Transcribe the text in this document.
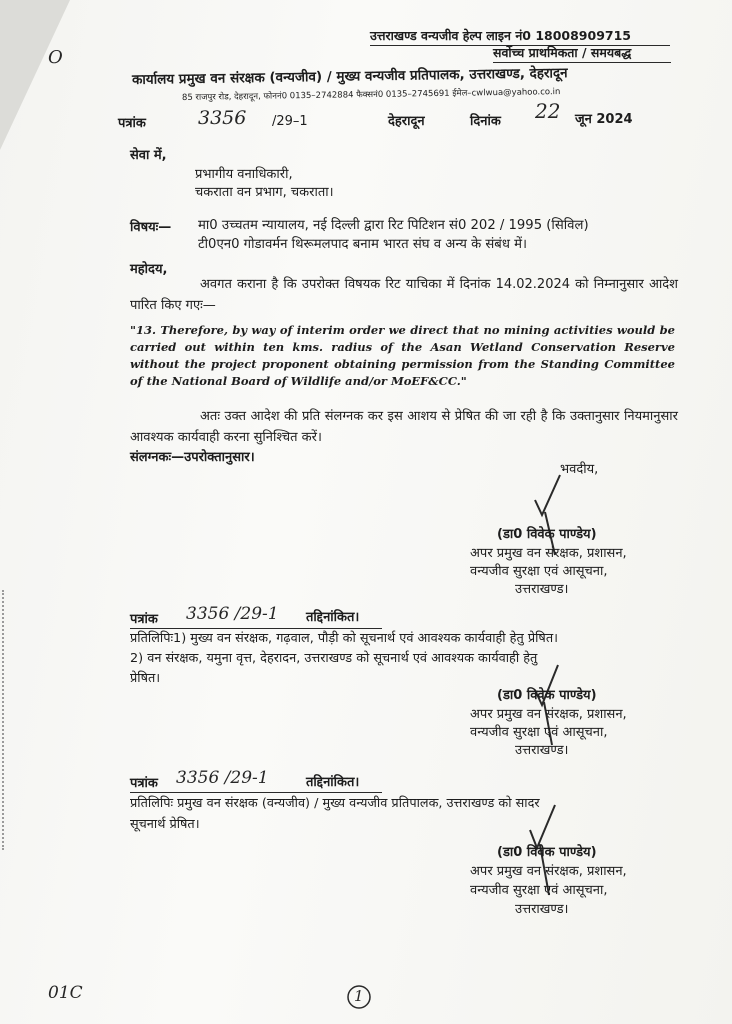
O
उत्तराखण्ड वन्यजीव हेल्प लाइन नं0 18008909715
सर्वोच्च प्राथमिकता / समयबद्ध
कार्यालय प्रमुख वन संरक्षक (वन्यजीव) / मुख्य वन्यजीव प्रतिपालक, उत्तराखण्ड, देहरादून
85 राजपुर रोड, देहरादून, फोननं0 0135–2742884 फैक्सनं0 0135–2745691 ईमेल–cwlwua@yahoo.co.in
पत्रांक	3356 /29–1	देहरादून	दिनांक 22 जून 2024
सेवा में,
प्रभागीय वनाधिकारी,
चकराता वन प्रभाग, चकराता।
विषयः— मा0 उच्चतम न्यायालय, नई दिल्ली द्वारा रिट पिटिशन सं0 202 / 1995 (सिविल)
टी0एन0 गोडावर्मन थिरूमलपाद बनाम भारत संघ व अन्य के संबंध में।
महोदय,
अवगत कराना है कि उपरोक्त विषयक रिट याचिका में दिनांक 14.02.2024 को निम्नानुसार आदेश पारित किए गएः—
"13. Therefore, by way of interim order we direct that no mining activities would be carried out within ten kms. radius of the Asan Wetland Conservation Reserve without the project proponent obtaining permission from the Standing Committee of the National Board of Wildlife and/or MoEF&CC."
अतः उक्त आदेश की प्रति संलग्नक कर इस आशय से प्रेषित की जा रही है कि उक्तानुसार नियमानुसार आवश्यक कार्यवाही करना सुनिश्चित करें।
संलग्नकः—उपरोक्तानुसार।
भवदीय,
(डा0 विवेक पाण्डेय)
अपर प्रमुख वन संरक्षक, प्रशासन,
वन्यजीव सुरक्षा एवं आसूचना,
उत्तराखण्ड।
पत्रांक 3356 /29-1 तद्दिनांकित।
प्रतिलिपिः1) मुख्य वन संरक्षक, गढ़वाल, पौड़ी को सूचनार्थ एवं आवश्यक कार्यवाही हेतु प्रेषित।
2) वन संरक्षक, यमुना वृत्त, देहरादन, उत्तराखण्ड को सूचनार्थ एवं आवश्यक कार्यवाही हेतु
प्रेषित।
(डा0 विवेक पाण्डेय)
अपर प्रमुख वन संरक्षक, प्रशासन,
वन्यजीव सुरक्षा एवं आसूचना,
उत्तराखण्ड।
पत्रांक 3356 /29-1	तद्दिनांकित।
प्रतिलिपिः प्रमुख वन संरक्षक (वन्यजीव) / मुख्य वन्यजीव प्रतिपालक, उत्तराखण्ड को सादर
सूचनार्थ प्रेषित।
(डा0 विवेक पाण्डेय)
अपर प्रमुख वन संरक्षक, प्रशासन,
वन्यजीव सुरक्षा एवं आसूचना,
उत्तराखण्ड।
01C	1
